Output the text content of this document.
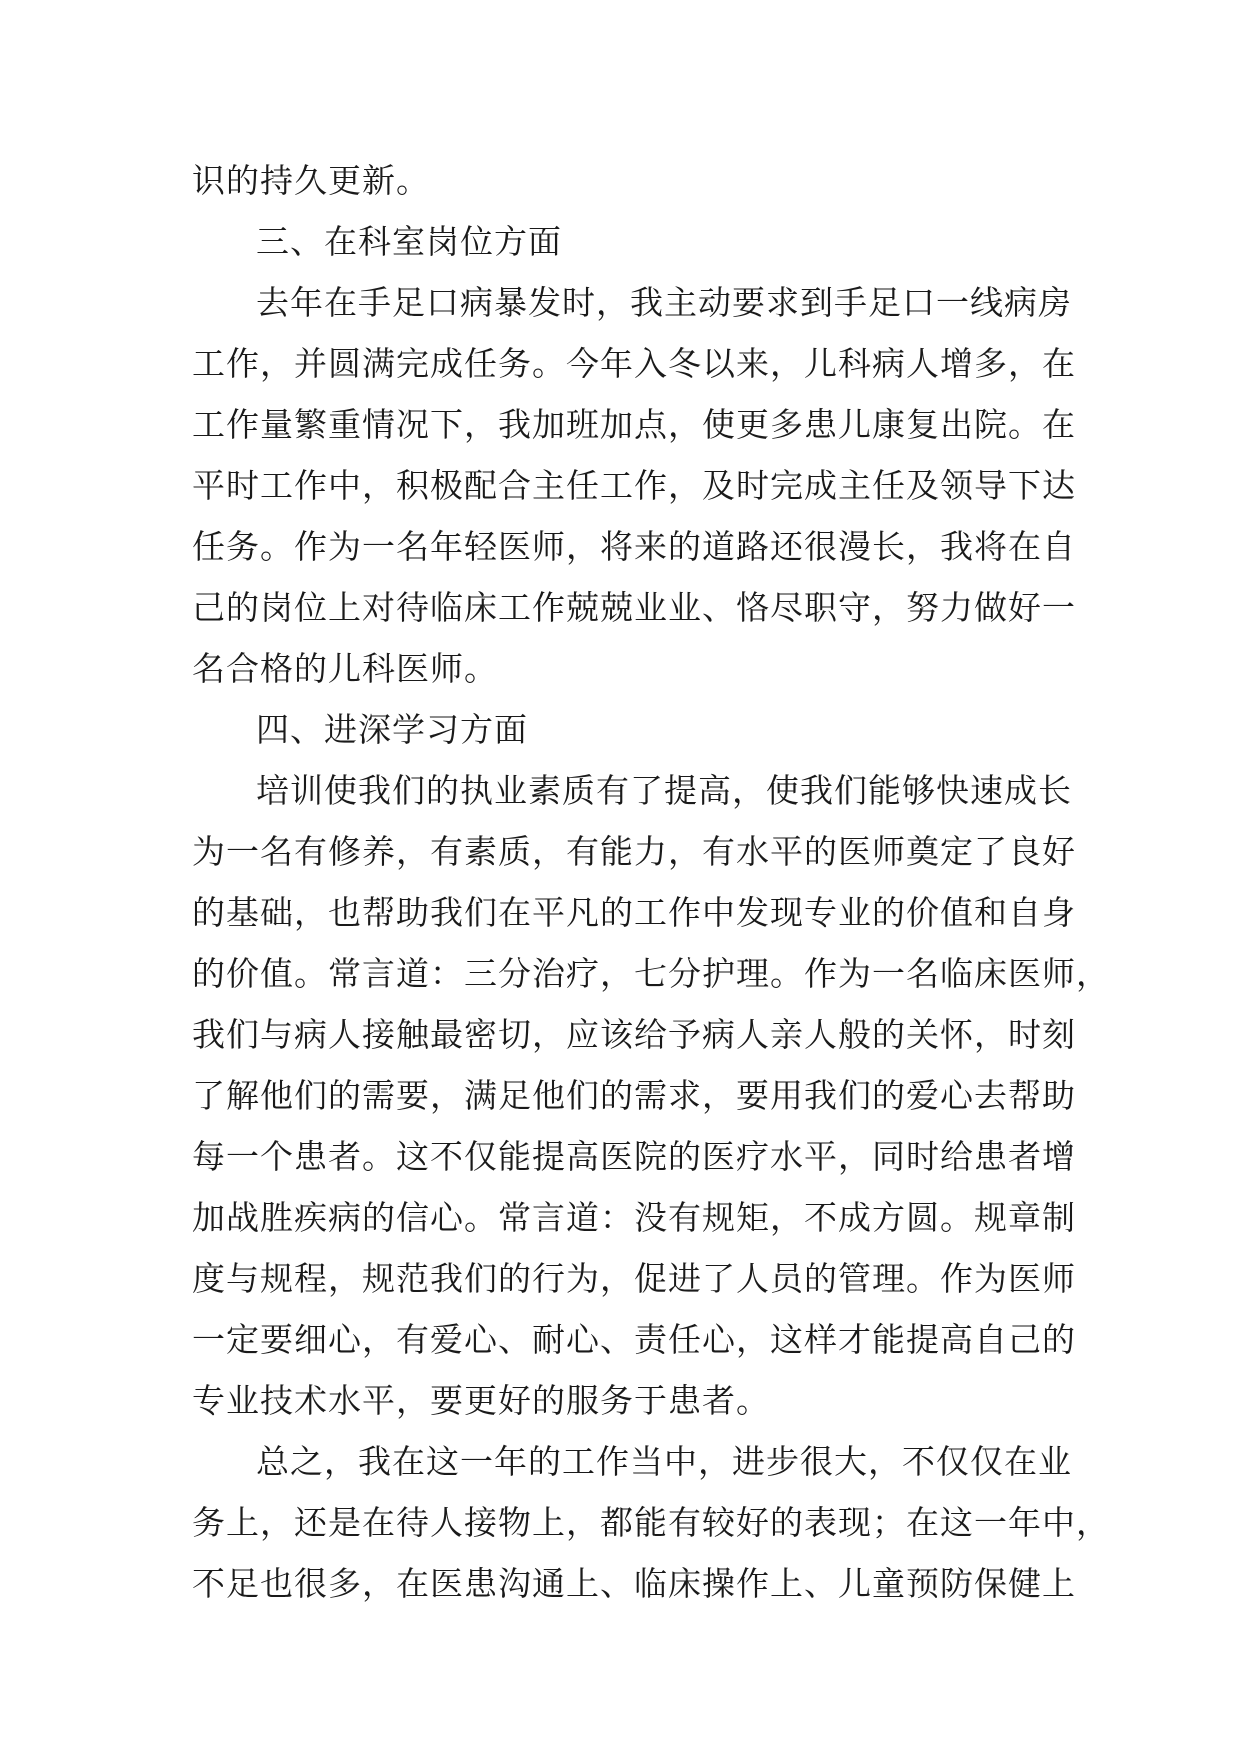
识的持久更新。
三、在科室岗位方面
去年在手足口病暴发时，我主动要求到手足口一线病房
工作，并圆满完成任务。今年入冬以来，儿科病人增多，在
工作量繁重情况下，我加班加点，使更多患儿康复出院。在
平时工作中，积极配合主任工作，及时完成主任及领导下达
任务。作为一名年轻医师，将来的道路还很漫长，我将在自
己的岗位上对待临床工作兢兢业业、恪尽职守，努力做好一
名合格的儿科医师。
四、进深学习方面
培训使我们的执业素质有了提高，使我们能够快速成长
为一名有修养，有素质，有能力，有水平的医师奠定了良好
的基础，也帮助我们在平凡的工作中发现专业的价值和自身
的价值。常言道：三分治疗，七分护理。作为一名临床医师，
我们与病人接触最密切，应该给予病人亲人般的关怀，时刻
了解他们的需要，满足他们的需求，要用我们的爱心去帮助
每一个患者。这不仅能提高医院的医疗水平，同时给患者增
加战胜疾病的信心。常言道：没有规矩，不成方圆。规章制
度与规程，规范我们的行为，促进了人员的管理。作为医师
一定要细心，有爱心、耐心、责任心，这样才能提高自己的
专业技术水平，要更好的服务于患者。
总之，我在这一年的工作当中，进步很大，不仅仅在业
务上，还是在待人接物上，都能有较好的表现；在这一年中，
不足也很多，在医患沟通上、临床操作上、儿童预防保健上
